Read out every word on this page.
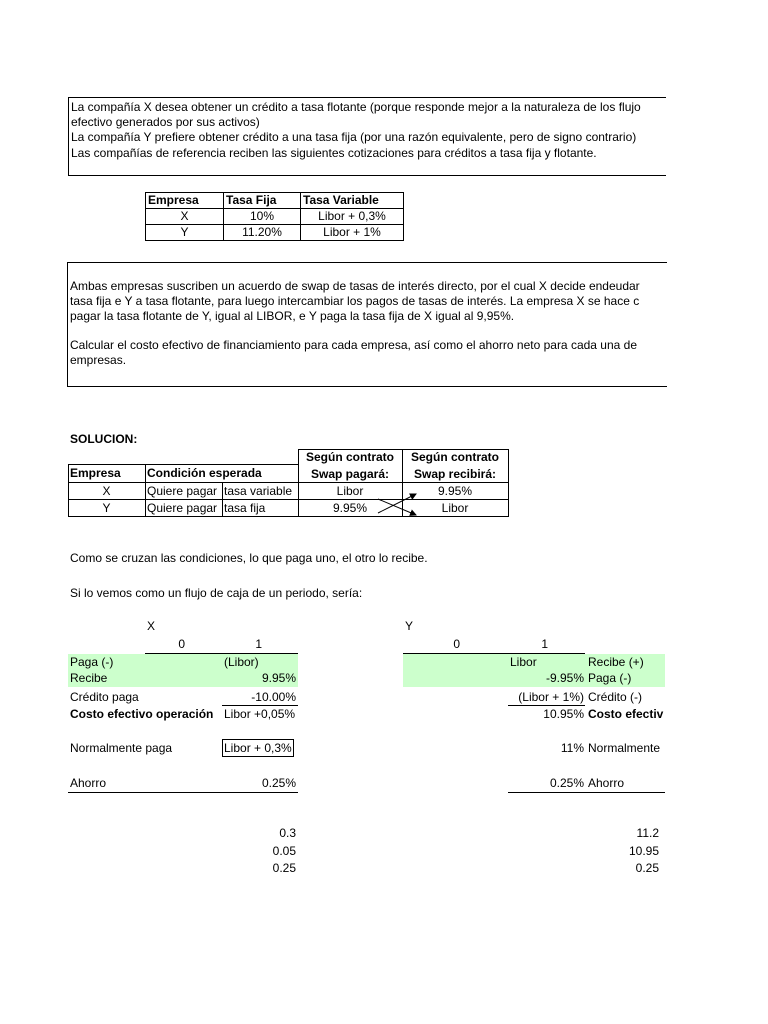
La compañía X desea obtener un crédito a tasa flotante (porque responde mejor a la naturaleza de los flujo
efectivo generados por sus activos)
La compañía Y prefiere obtener crédito a una tasa fija (por una razón equivalente, pero de signo contrario)
Las compañías de referencia reciben las siguientes cotizaciones para créditos a tasa fija y flotante.
Empresa	Tasa Fija	Tasa Variable
X	10%	Libor + 0,3%
Y	11.20%	Libor + 1%
Ambas empresas suscriben un acuerdo de swap de tasas de interés directo, por el cual X decide endeudar
tasa fija e Y a tasa flotante, para luego intercambiar los pagos de tasas de interés. La empresa X se hace c
pagar la tasa flotante de Y, igual al LIBOR, e Y paga la tasa fija de X igual al 9,95%.
Calcular el costo efectivo de financiamiento para cada empresa, así como el ahorro neto para cada una de
empresas.
SOLUCION:
Según contrato	Según contrato
Swap pagará:	Swap recibirá:
Empresa Condición esperada
X	Quiere pagar tasa variable	Libor	9.95%
Y	Quiere pagar tasa fija	9.95%	Libor
Como se cruzan las condiciones, lo que paga uno, el otro lo recibe.
Si lo vemos como un flujo de caja de un periodo, sería:
X
0	1
Paga (-)	(Libor)
Recibe	9.95%
Crédito paga	-10.00%
Costo efectivo operación Libor +0,05%
Normalmente paga	Libor + 0,3%
Ahorro	0.25%
0.3
0.05
0.25
Y
0	1
Libor	Recibe (+)
-9.95% Paga (-)
(Libor + 1%) Crédito (-)
10.95% Costo efectiv
11% Normalmente
0.25% Ahorro
11.2
10.95
0.25
